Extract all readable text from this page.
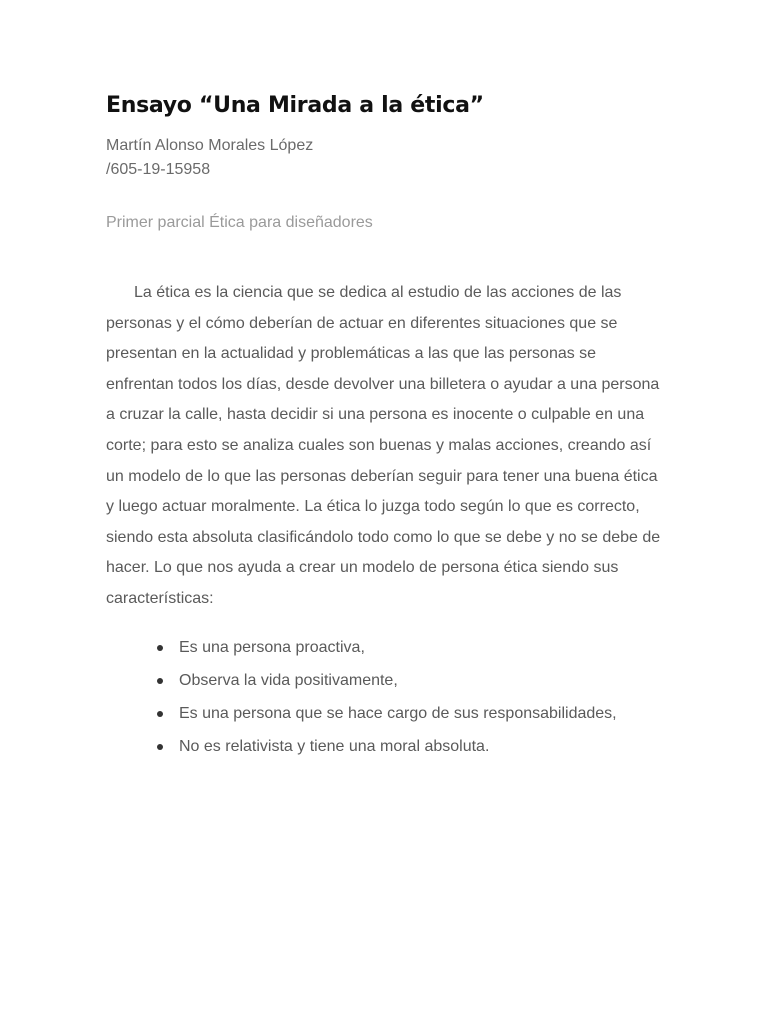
Ensayo “Una Mirada a la ética”
Martín Alonso Morales López
/605-19-15958
Primer parcial Ética para diseñadores

La ética es la ciencia que se dedica al estudio de las acciones de las personas y el cómo deberían de actuar en diferentes situaciones que se presentan en la actualidad y problemáticas a las que las personas se enfrentan todos los días, desde devolver una billetera o ayudar a una persona a cruzar la calle, hasta decidir si una persona es inocente o culpable en una corte; para esto se analiza cuales son buenas y malas acciones, creando así un modelo de lo que las personas deberían seguir para tener una buena ética y luego actuar moralmente. La ética lo juzga todo según lo que es correcto, siendo esta absoluta clasificándolo todo como lo que se debe y no se debe de hacer. Lo que nos ayuda a crear un modelo de persona ética siendo sus características:

Es una persona proactiva,
Observa la vida positivamente,
Es una persona que se hace cargo de sus responsabilidades,
No es relativista y tiene una moral absoluta.
